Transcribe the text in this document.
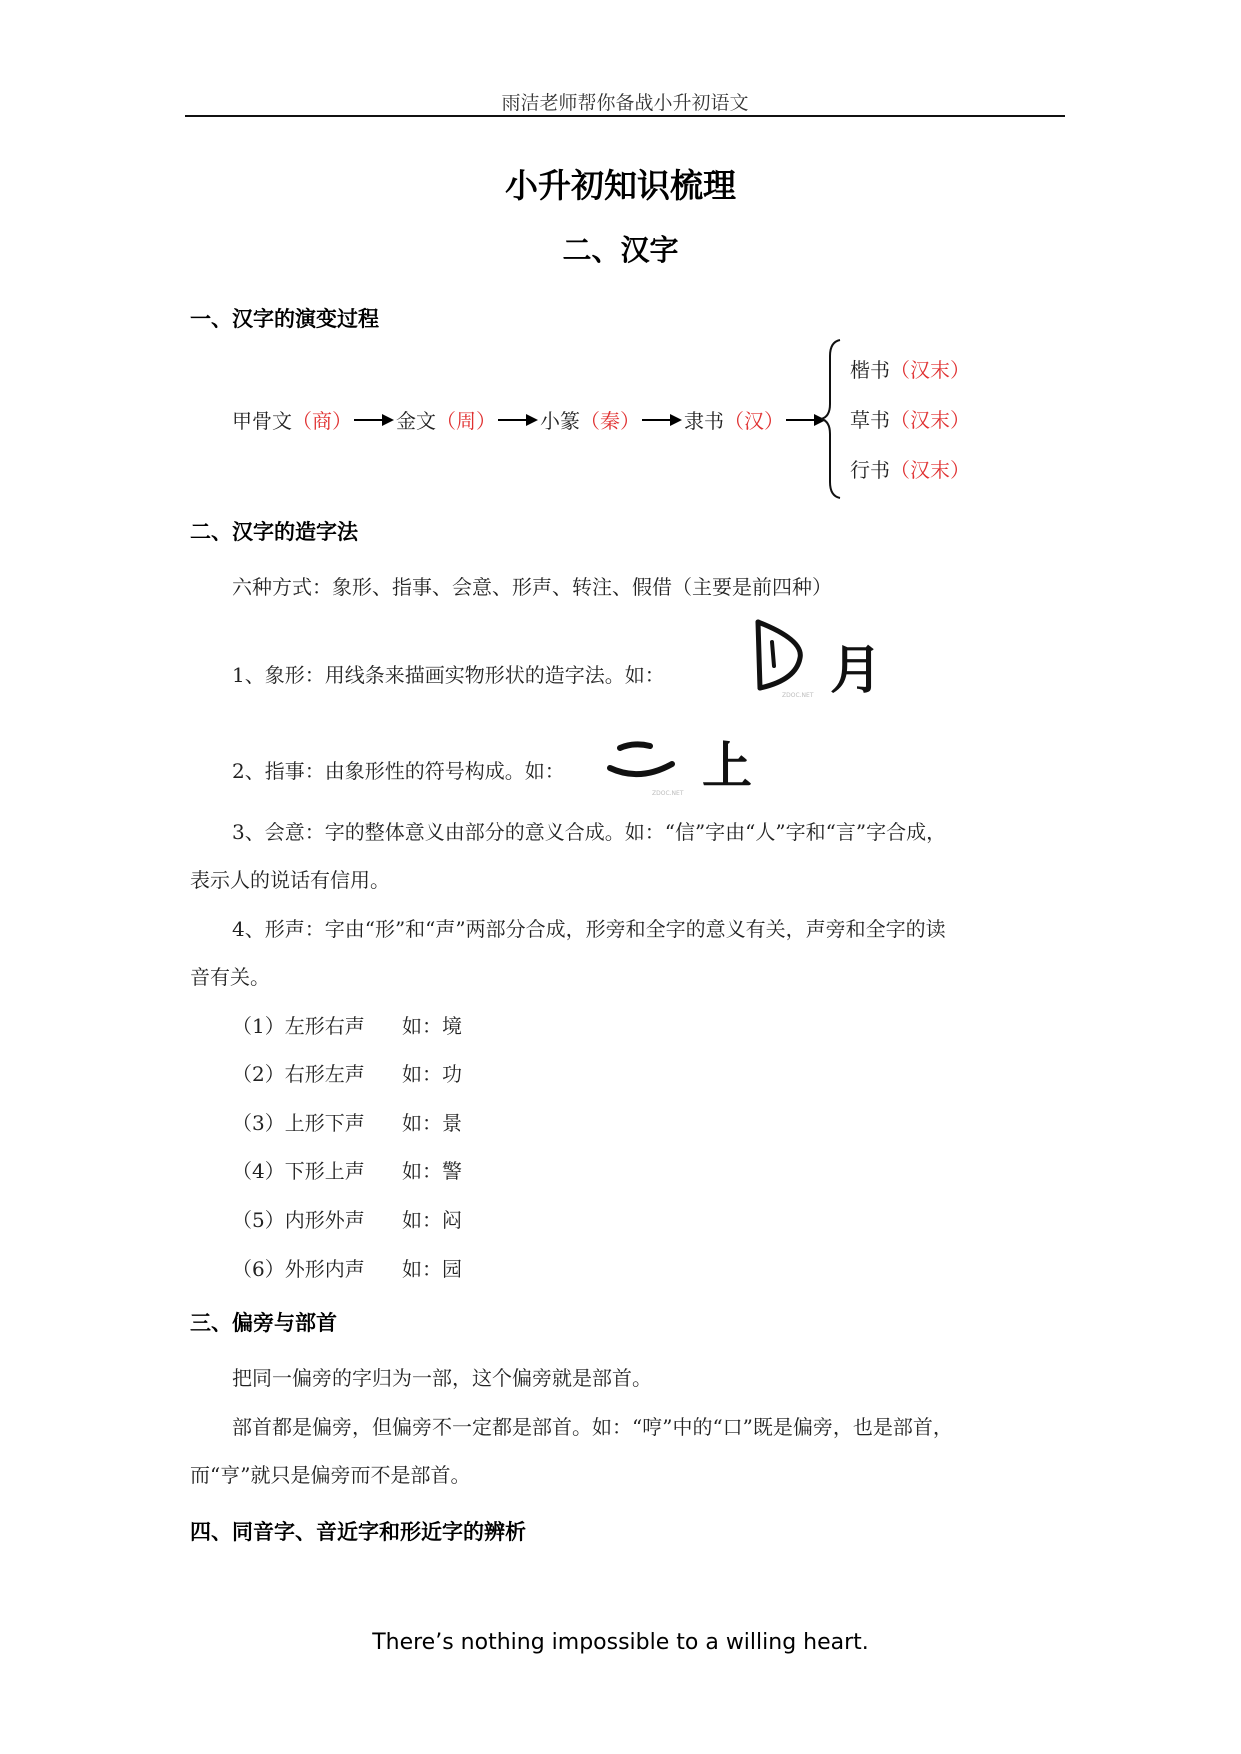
雨洁老师帮你备战小升初语文
小升初知识梳理
二、汉字
一、汉字的演变过程
甲骨文（商） 金文（周） 小篆（秦） 隶书（汉）
楷书（汉末）
草书（汉末）
行书（汉末）
二、汉字的造字法
六种方式：象形、指事、会意、形声、转注、假借（主要是前四种）
1、象形：用线条来描画实物形状的造字法。如：
ZDOC.NET 月
2、指事：由象形性的符号构成。如：
ZDOC.NET 上
3、会意：字的整体意义由部分的意义合成。如：“信”字由“人”字和“言”字合成，
表示人的说话有信用。
4、形声：字由“形”和“声”两部分合成，形旁和全字的意义有关，声旁和全字的读
音有关。
（1）左形右声 如：境
（2）右形左声 如：功
（3）上形下声 如：景
（4）下形上声 如：警
（5）内形外声 如：闷
（6）外形内声 如：园
三、偏旁与部首
把同一偏旁的字归为一部，这个偏旁就是部首。
部首都是偏旁，但偏旁不一定都是部首。如：“哼”中的“口”既是偏旁，也是部首，
而“亨”就只是偏旁而不是部首。
四、同音字、音近字和形近字的辨析
There’s nothing impossible to a willing heart.
